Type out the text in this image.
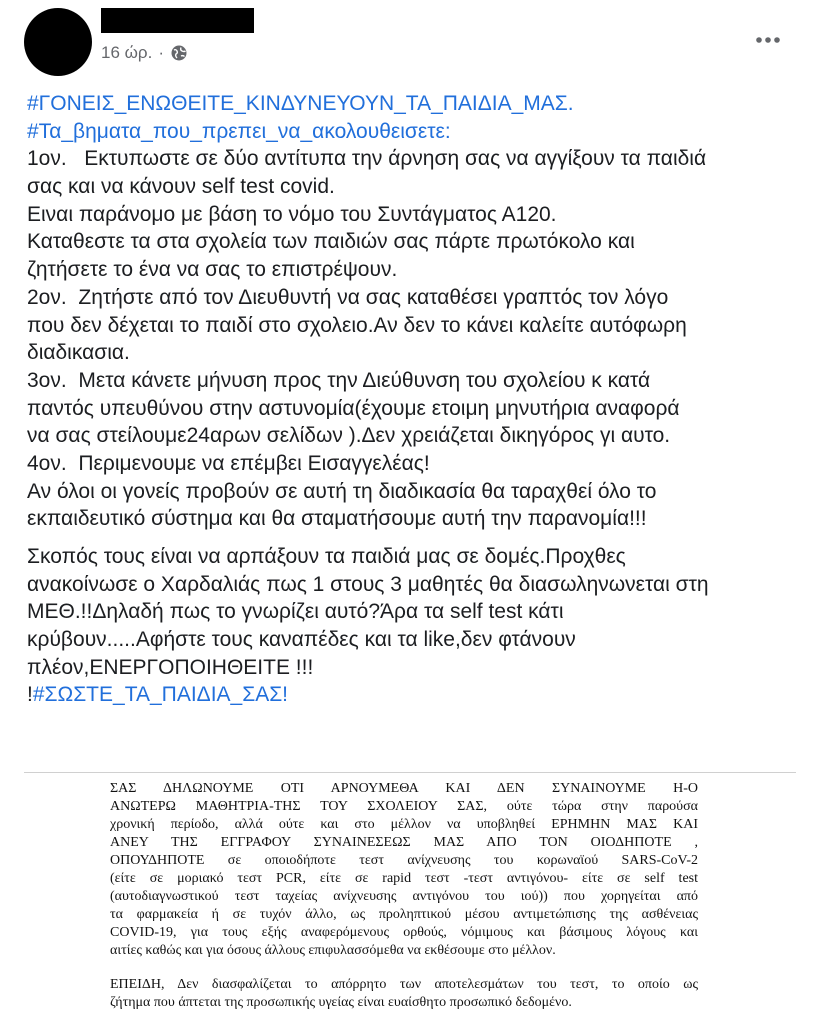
16 ώρ. ·
#ΓΟΝΕΙΣ_ΕΝΩΘΕΙΤΕ_ΚΙΝΔΥΝΕΥΟΥΝ_ΤΑ_ΠΑΙΔΙΑ_ΜΑΣ.
#Τα_βηματα_που_πρεπει_να_ακολουθεισετε:
1ον.   Εκτυπωστε σε δύο αντίτυπα την άρνηση σας να αγγίξουν τα παιδιά
σας και να κάνουν self test covid.
Ειναι παράνομο με βάση το νόμο του Συντάγματος Α120.
Καταθεστε τα στα σχολεία των παιδιών σας πάρτε πρωτόκολο και
ζητήσετε το ένα να σας το επιστρέψουν.
2ον.  Ζητήστε από τον Διευθυντή να σας καταθέσει γραπτός τον λόγο
που δεν δέχεται το παιδί στο σχολειο.Αν δεν το κάνει καλείτε αυτόφωρη
διαδικασια.
3ον.  Μετα κάνετε μήνυση προς την Διεύθυνση του σχολείου κ κατά
παντός υπευθύνου στην αστυνομία(έχουμε ετοιμη μηνυτήρια αναφορά
να σας στείλουμε24αρων σελίδων ).Δεν χρειάζεται δικηγόρος γι αυτο.
4ον.  Περιμενουμε να επέμβει Εισαγγελέας!
Αν όλοι οι γονείς προβούν σε αυτή τη διαδικασία θα ταραχθεί όλο το
εκπαιδευτικό σύστημα και θα σταματήσουμε αυτή την παρανομία!!!
Σκοπός τους είναι να αρπάξουν τα παιδιά μας σε δομές.Προχθες
ανακοίνωσε ο Χαρδαλιάς πως 1 στους 3 μαθητές θα διασωληνωνεται στη
ΜΕΘ.!!Δηλαδή πως το γνωρίζει αυτό?Άρα τα self test κάτι
κρύβουν.....Αφήστε τους καναπέδες και τα like,δεν φτάνουν
πλέον,ΕΝΕΡΓΟΠΟΙΗΘΕΙΤΕ !!!
!#ΣΩΣΤΕ_ΤΑ_ΠΑΙΔΙΑ_ΣΑΣ!
ΣΑΣ ΔΗΛΩΝΟΥΜΕ ΟΤΙ ΑΡΝΟΥΜΕΘΑ ΚΑΙ ΔΕΝ ΣΥΝΑΙΝΟΥΜΕ Η-Ο
ΑΝΩΤΕΡΩ ΜΑΘΗΤΡΙΑ-ΤΗΣ ΤΟΥ ΣΧΟΛΕΙΟΥ ΣΑΣ, ούτε τώρα στην παρούσα
χρονική περίοδο, αλλά ούτε και στο μέλλον να υποβληθεί ΕΡΗΜΗΝ ΜΑΣ ΚΑΙ
ΑΝΕΥ ΤΗΣ ΕΓΓΡΑΦΟΥ ΣΥΝΑΙΝΕΣΕΩΣ ΜΑΣ ΑΠΟ ΤΟΝ ΟΙΟΔΗΠΟΤΕ ,
ΟΠΟΥΔΗΠΟΤΕ σε οποιοδήποτε τεστ ανίχνευσης του κορωναϊού SARS-CoV-2
(είτε σε μοριακό τεστ PCR, είτε σε rapid τεστ -τεστ αντιγόνου- είτε σε self test
(αυτοδιαγνωστικού τεστ ταχείας ανίχνευσης αντιγόνου του ιού)) που χορηγείται από
τα φαρμακεία ή σε τυχόν άλλο, ως προληπτικού μέσου αντιμετώπισης της ασθένειας
COVID-19, για τους εξής αναφερόμενους ορθούς, νόμιμους και βάσιμους λόγους και
αιτίες καθώς και για όσους άλλους επιφυλασσόμεθα να εκθέσουμε στο μέλλον.
ΕΠΕΙΔΗ, Δεν διασφαλίζεται το απόρρητο των αποτελεσμάτων του τεστ, το οποίο ως
ζήτημα που άπτεται της προσωπικής υγείας είναι ευαίσθητο προσωπικό δεδομένο.
